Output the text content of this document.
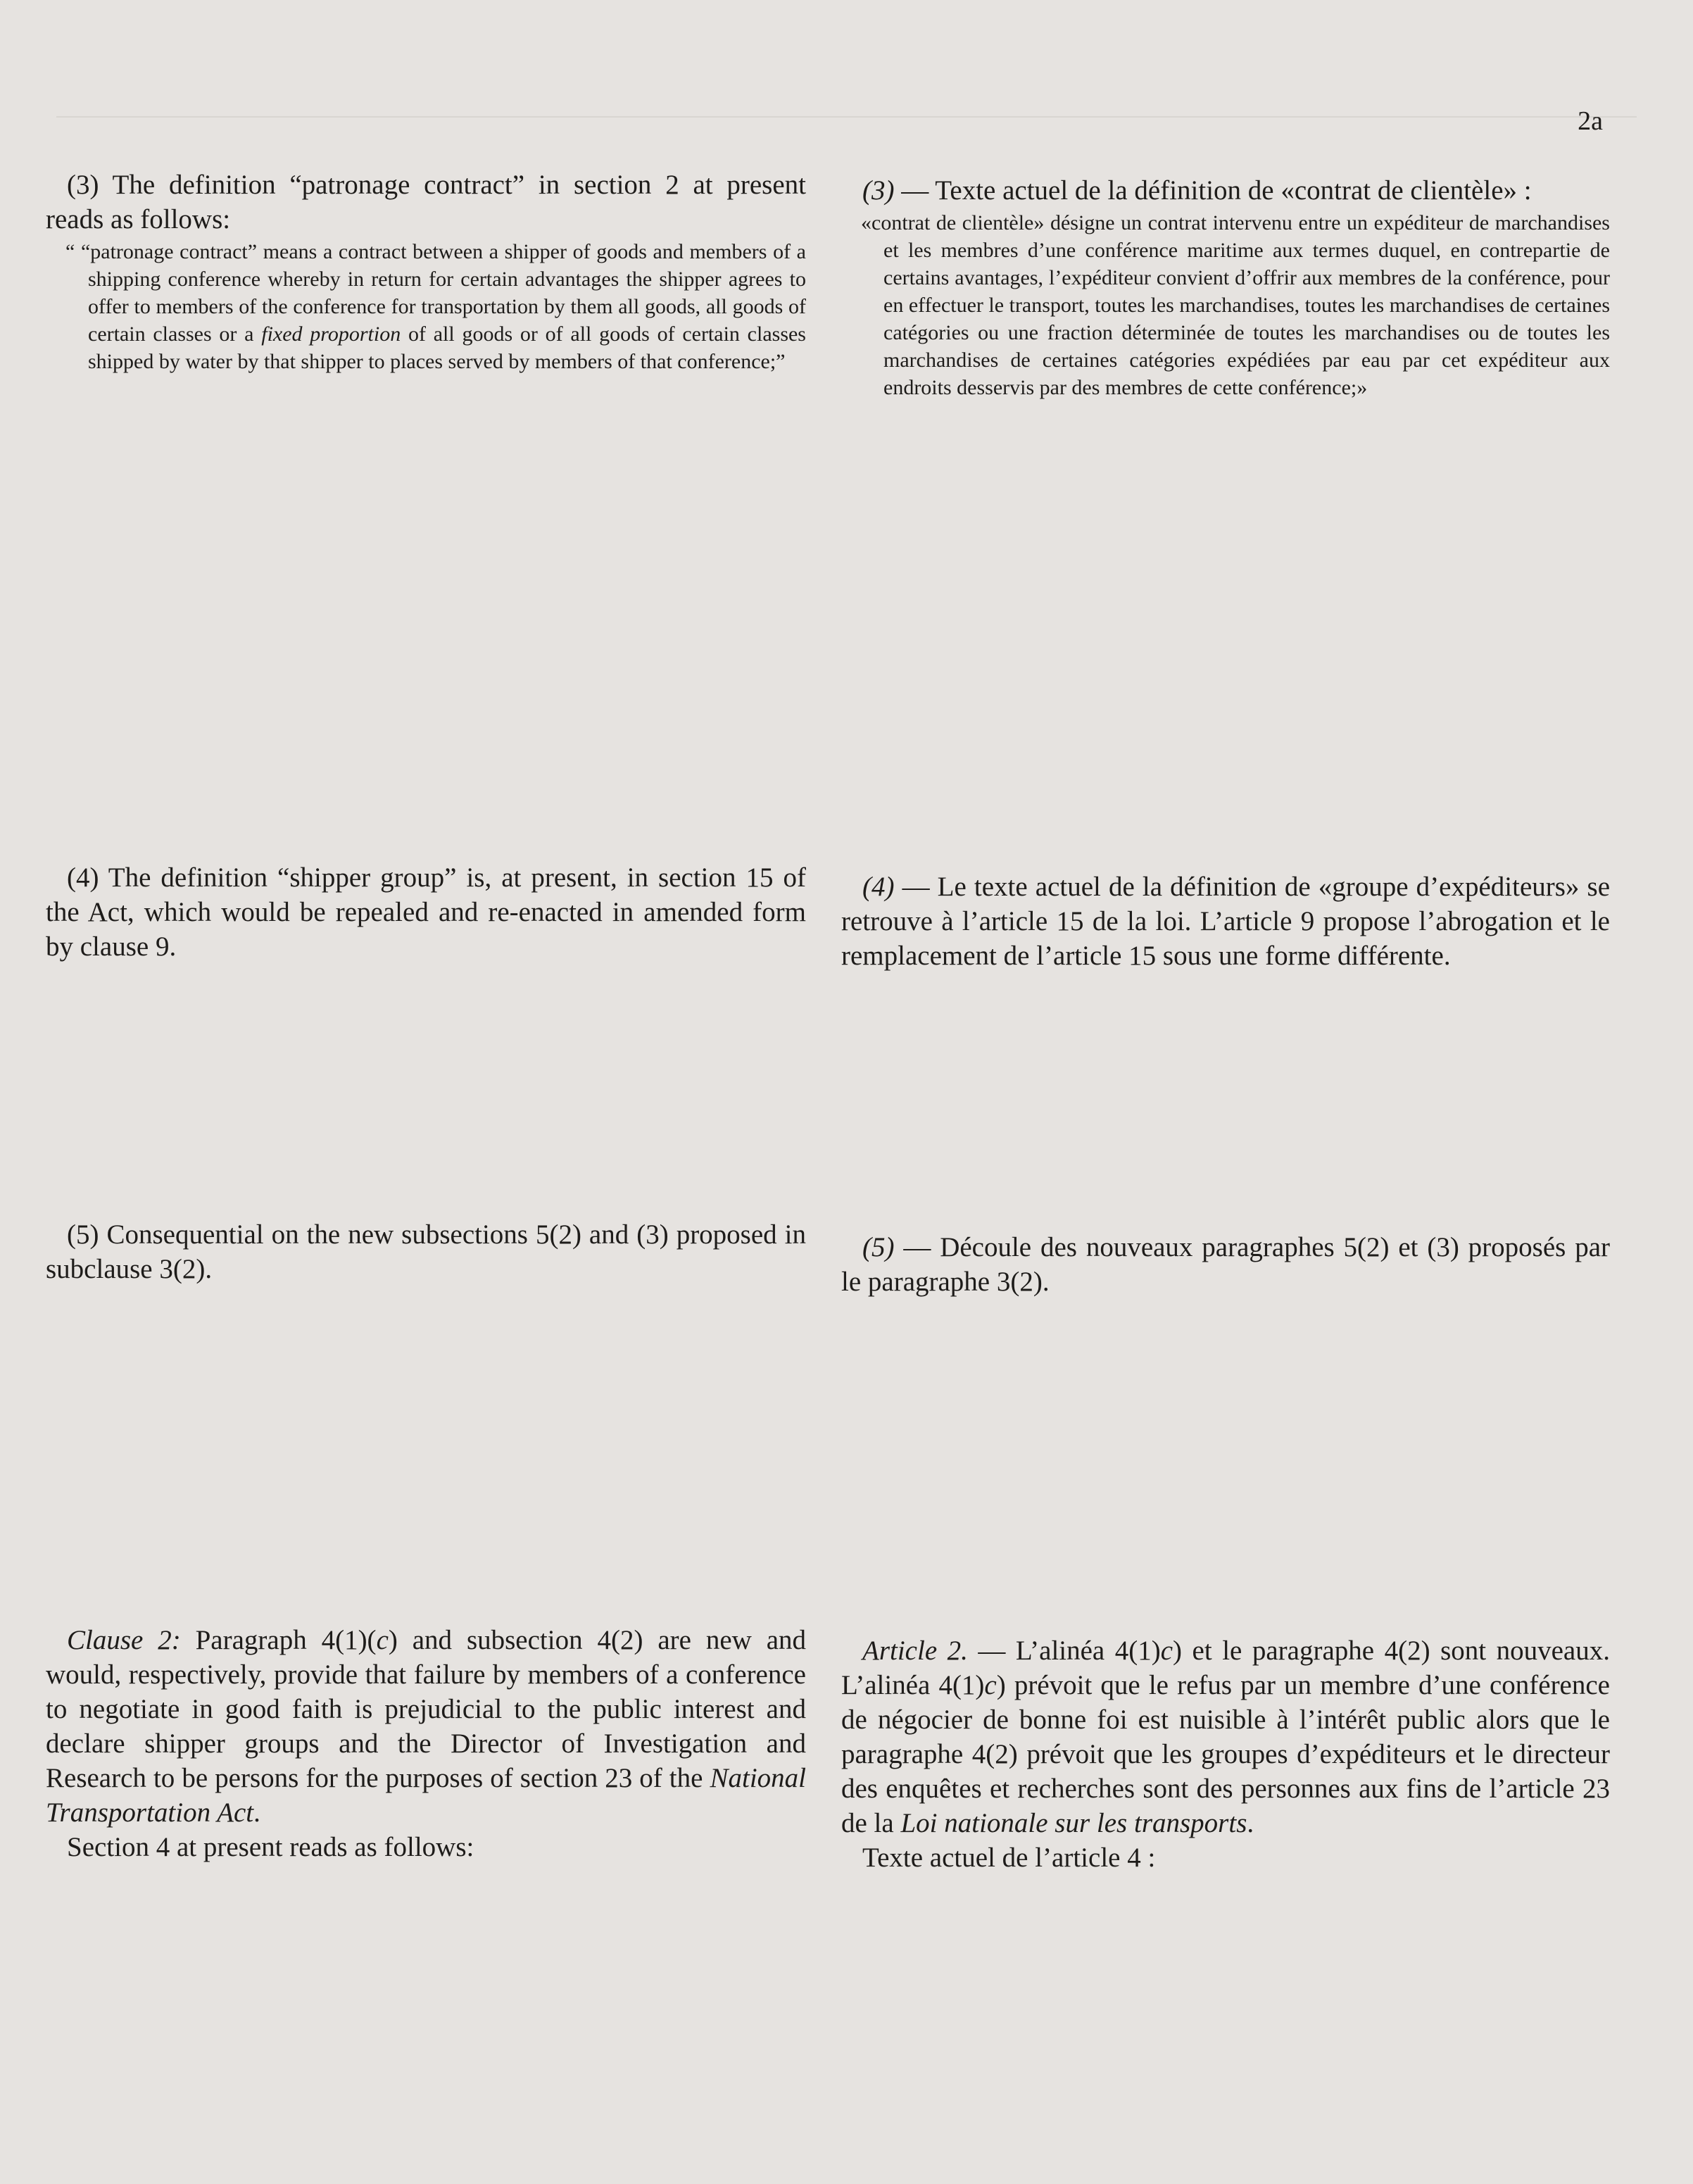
2a

(3) The definition “patronage contract” in section 2 at present reads as follows:

“ “patronage contract” means a contract between a shipper of goods and members of a shipping conference whereby in return for certain advantages the shipper agrees to offer to members of the conference for transportation by them all goods, all goods of certain classes or a fixed proportion of all goods or of all goods of certain classes shipped by water by that shipper to places served by members of that conference;”

(4) The definition “shipper group” is, at present, in section 15 of the Act, which would be repealed and re-enacted in amended form by clause 9.

(5) Consequential on the new subsections 5(2) and (3) proposed in subclause 3(2).

Clause 2: Paragraph 4(1)(c) and subsection 4(2) are new and would, respectively, provide that failure by members of a conference to negotiate in good faith is prejudicial to the public interest and declare shipper groups and the Director of Investigation and Research to be persons for the purposes of section 23 of the National Transportation Act.

Section 4 at present reads as follows:

(3) — Texte actuel de la définition de «contrat de clientèle» :

«contrat de clientèle» désigne un contrat intervenu entre un expéditeur de marchandises et les membres d’une conférence maritime aux termes duquel, en contrepartie de certains avantages, l’expéditeur convient d’offrir aux membres de la conférence, pour en effectuer le transport, toutes les marchandises, toutes les marchandises de certaines catégories ou une fraction déterminée de toutes les marchandises ou de toutes les marchandises de certaines catégories expédiées par eau par cet expéditeur aux endroits desservis par des membres de cette conférence;»

(4) — Le texte actuel de la définition de «groupe d’expéditeurs» se retrouve à l’article 15 de la loi. L’article 9 propose l’abrogation et le remplacement de l’article 15 sous une forme différente.

(5) — Découle des nouveaux paragraphes 5(2) et (3) proposés par le paragraphe 3(2).

Article 2. — L’alinéa 4(1)c) et le paragraphe 4(2) sont nouveaux. L’alinéa 4(1)c) prévoit que le refus par un membre d’une conférence de négocier de bonne foi est nuisible à l’intérêt public alors que le paragraphe 4(2) prévoit que les groupes d’expéditeurs et le directeur des enquêtes et recherches sont des personnes aux fins de l’article 23 de la Loi nationale sur les transports.

Texte actuel de l’article 4 :
